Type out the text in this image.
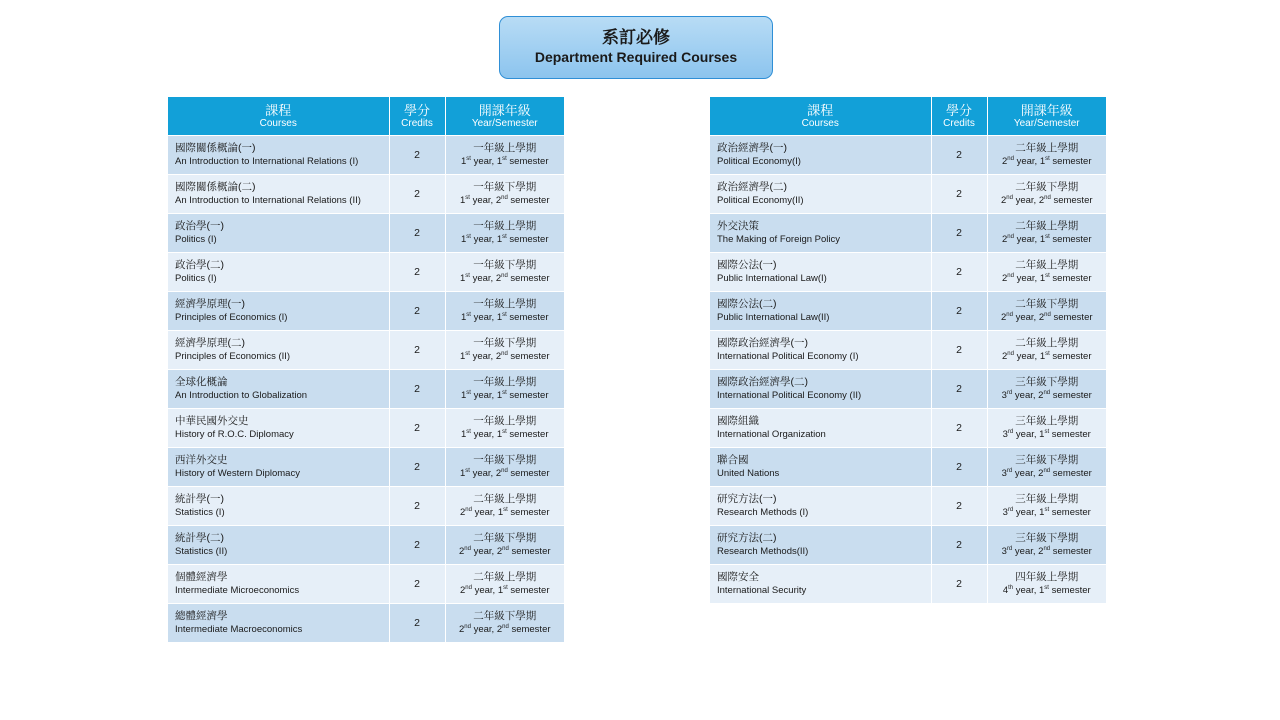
系訂必修
Department Required Courses
課程
Courses	學分
Credits	開課年級
Year/Semester

國際關係概論(一)
An Introduction to International Relations (I)	2	一年級上學期
1st year, 1st semester

國際關係概論(二)
An Introduction to International Relations (II)	2	一年級下學期
1st year, 2nd semester

政治學(一)
Politics (I)	2	一年級上學期
1st year, 1st semester

政治學(二)
Politics (I)	2	一年級下學期
1st year, 2nd semester

經濟學原理(一)
Principles of Economics (I)	2	一年級上學期
1st year, 1st semester

經濟學原理(二)
Principles of Economics (II)	2	一年級下學期
1st year, 2nd semester

全球化概論
An Introduction to Globalization	2	一年級上學期
1st year, 1st semester

中華民國外交史
History of R.O.C. Diplomacy	2	一年級上學期
1st year, 1st semester

西洋外交史
History of Western Diplomacy	2	一年級下學期
1st year, 2nd semester

統計學(一)
Statistics (I)	2	二年級上學期
2nd year, 1st semester

統計學(二)
Statistics (II)	2	二年級下學期
2nd year, 2nd semester

個體經濟學
Intermediate Microeconomics	2	二年級上學期
2nd year, 1st semester

總體經濟學
Intermediate Macroeconomics	2	二年級下學期
2nd year, 2nd semester
課程
Courses	學分
Credits	開課年級
Year/Semester

政治經濟學(一)
Political Economy(I)	2	二年級上學期
2nd year, 1st semester

政治經濟學(二)
Political Economy(II)	2	二年級下學期
2nd year, 2nd semester

外交決策
The Making of Foreign Policy	2	二年級上學期
2nd year, 1st semester

國際公法(一)
Public International Law(I)	2	二年級上學期
2nd year, 1st semester

國際公法(二)
Public International Law(II)	2	二年級下學期
2nd year, 2nd semester

國際政治經濟學(一)
International Political Economy (I)	2	二年級上學期
2nd year, 1st semester

國際政治經濟學(二)
International Political Economy (II)	2	三年級下學期
3rd year, 2nd semester

國際組織
International Organization	2	三年級上學期
3rd year, 1st semester

聯合國
United Nations	2	三年級下學期
3rd year, 2nd semester

研究方法(一)
Research Methods (I)	2	三年級上學期
3rd year, 1st semester

研究方法(二)
Research Methods(II)	2	三年級下學期
3rd year, 2nd semester

國際安全
International Security	2	四年級上學期
4th year, 1st semester
